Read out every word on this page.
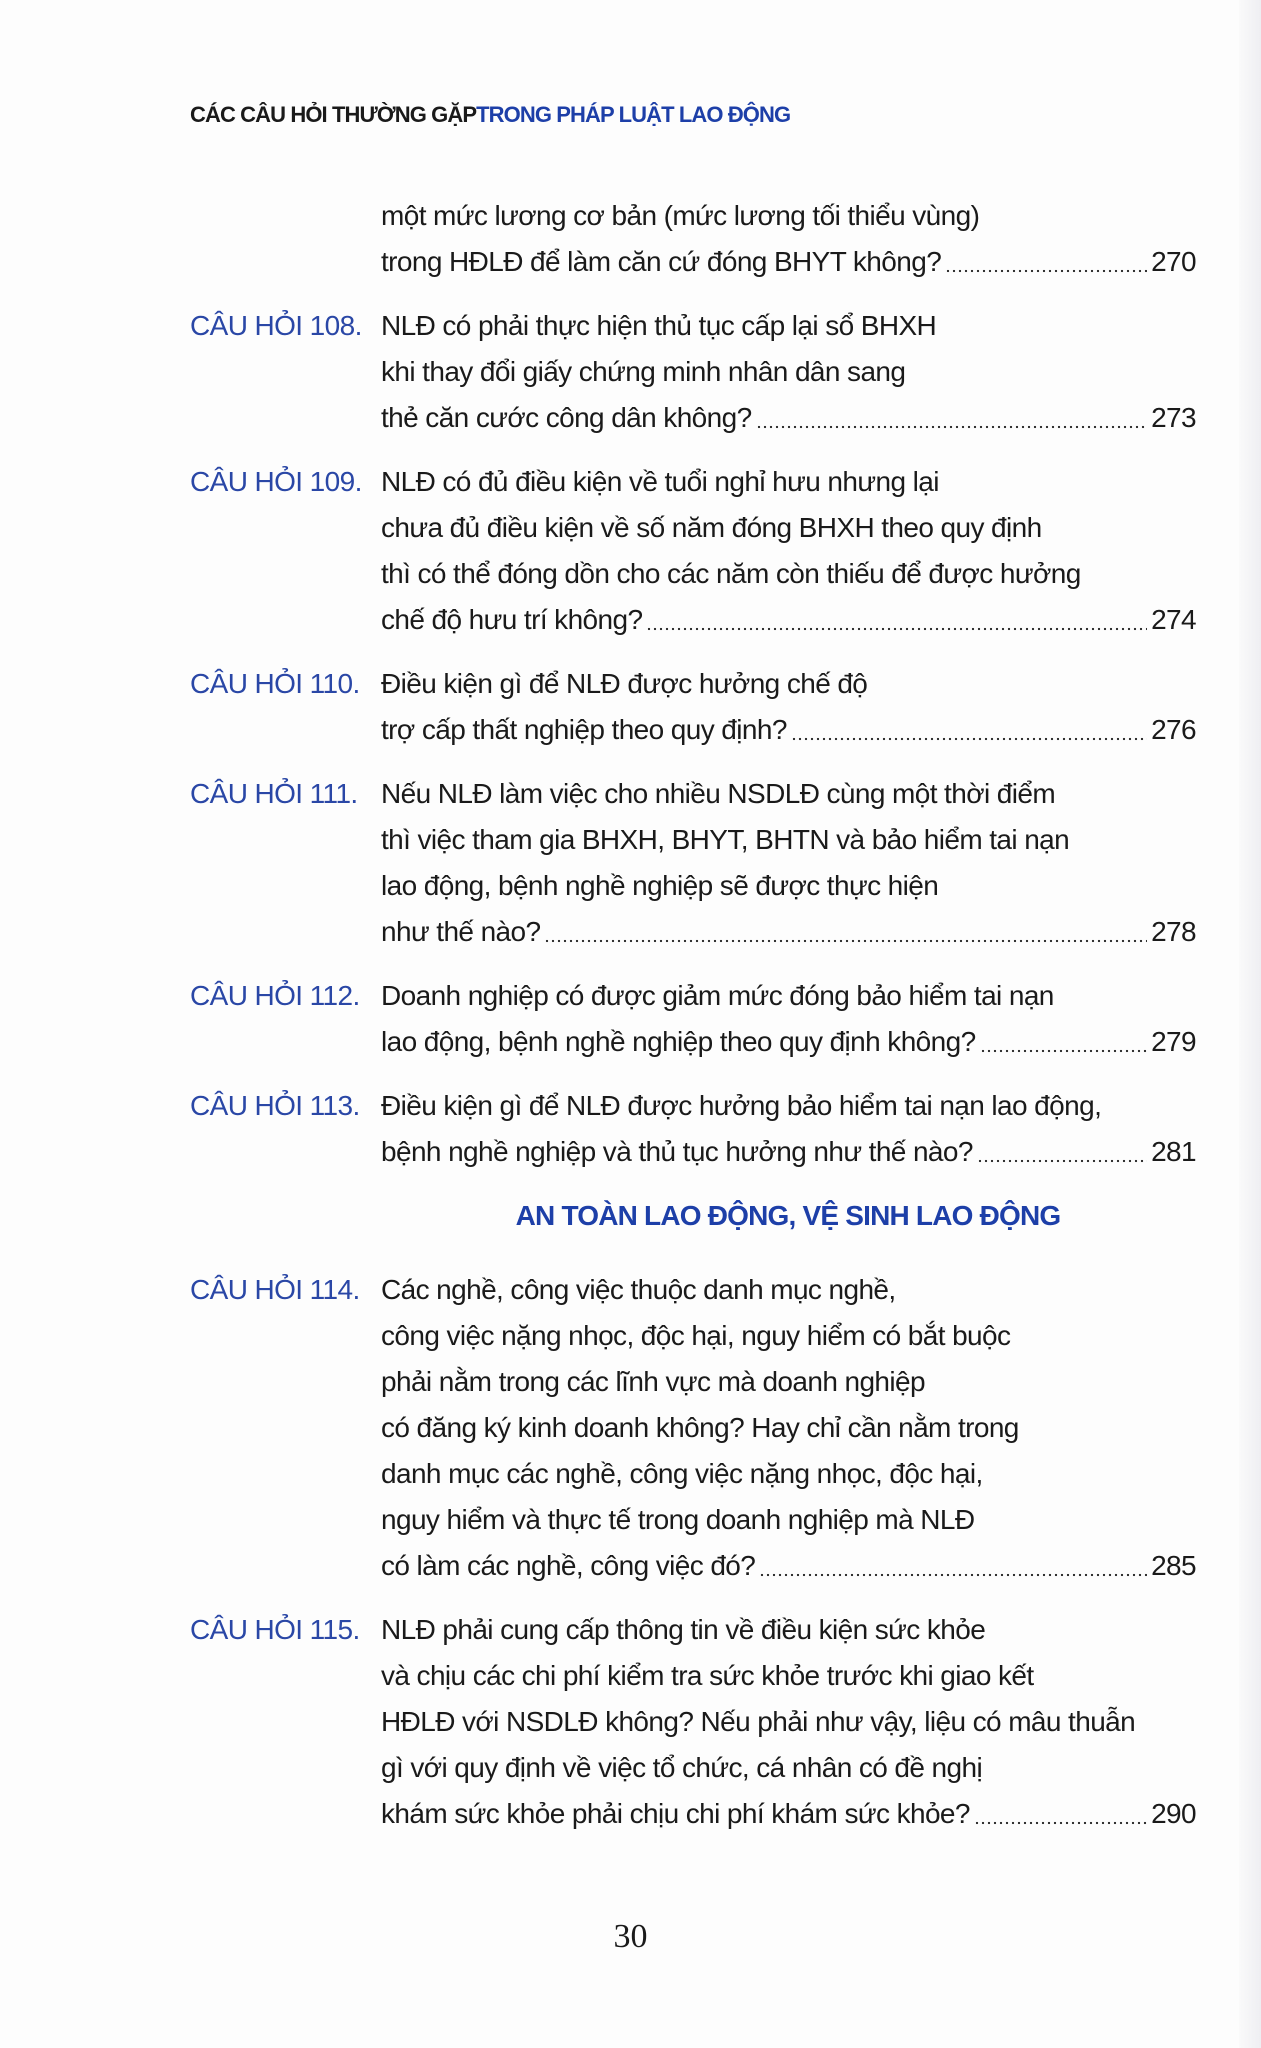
CÁC CÂU HỎI THƯỜNG GẶPTRONG PHÁP LUẬT LAO ĐỘNG
một mức lương cơ bản (mức lương tối thiểu vùng)
trong HĐLĐ để làm căn cứ đóng BHYT không?	270
CÂU HỎI 108. NLĐ có phải thực hiện thủ tục cấp lại sổ BHXH
khi thay đổi giấy chứng minh nhân dân sang
thẻ căn cước công dân không?	273
CÂU HỎI 109. NLĐ có đủ điều kiện về tuổi nghỉ hưu nhưng lại
chưa đủ điều kiện về số năm đóng BHXH theo quy định
thì có thể đóng dồn cho các năm còn thiếu để được hưởng
chế độ hưu trí không?	274
CÂU HỎI 110. Điều kiện gì để NLĐ được hưởng chế độ
trợ cấp thất nghiệp theo quy định?	276
CÂU HỎI 111. Nếu NLĐ làm việc cho nhiều NSDLĐ cùng một thời điểm
thì việc tham gia BHXH, BHYT, BHTN và bảo hiểm tai nạn
lao động, bệnh nghề nghiệp sẽ được thực hiện
như thế nào?	278
CÂU HỎI 112. Doanh nghiệp có được giảm mức đóng bảo hiểm tai nạn
lao động, bệnh nghề nghiệp theo quy định không?	279
CÂU HỎI 113. Điều kiện gì để NLĐ được hưởng bảo hiểm tai nạn lao động,
bệnh nghề nghiệp và thủ tục hưởng như thế nào?	281
AN TOÀN LAO ĐỘNG, VỆ SINH LAO ĐỘNG
CÂU HỎI 114. Các nghề, công việc thuộc danh mục nghề,
công việc nặng nhọc, độc hại, nguy hiểm có bắt buộc
phải nằm trong các lĩnh vực mà doanh nghiệp
có đăng ký kinh doanh không? Hay chỉ cần nằm trong
danh mục các nghề, công việc nặng nhọc, độc hại,
nguy hiểm và thực tế trong doanh nghiệp mà NLĐ
có làm các nghề, công việc đó?	285
CÂU HỎI 115. NLĐ phải cung cấp thông tin về điều kiện sức khỏe
và chịu các chi phí kiểm tra sức khỏe trước khi giao kết
HĐLĐ với NSDLĐ không? Nếu phải như vậy, liệu có mâu thuẫn
gì với quy định về việc tổ chức, cá nhân có đề nghị
khám sức khỏe phải chịu chi phí khám sức khỏe?	290
30
